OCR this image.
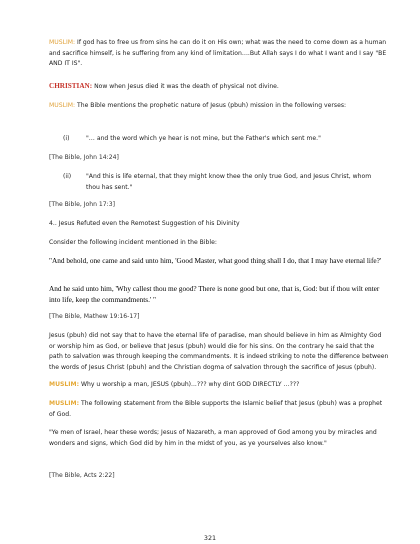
MUSLIM: If god has to free us from sins he can do it on His own; what was the need to come down as a human and sacrifice himself, is he suffering from any kind of limitation….But Allah says I do what I want and I say "BE AND IT IS".

CHRISTIAN: Now when Jesus died it was the death of physical not divine.

MUSLIM: The Bible mentions the prophetic nature of Jesus (pbuh) mission in the following verses:

(i)	"… and the word which ye hear is not mine, but the Father's which sent me."

[The Bible, John 14:24]

(ii) "And this is life eternal, that they might know thee the only true God, and Jesus Christ, whom thou has sent."

[The Bible, John 17:3]

4.. Jesus Refuted even the Remotest Suggestion of his Divinity

Consider the following incident mentioned in the Bible:

"And behold, one came and said unto him, 'Good Master, what good thing shall I do, that I may have eternal life?'

And he said unto him, 'Why callest thou me good? There is none good but one, that is, God: but if thou wilt enter into life, keep the commandments.' "

[The Bible, Mathew 19:16-17]

Jesus (pbuh) did not say that to have the eternal life of paradise, man should believe in him as Almighty God or worship him as God, or believe that Jesus (pbuh) would die for his sins. On the contrary he said that the path to salvation was through keeping the commandments. It is indeed striking to note the difference between the words of Jesus Christ (pbuh) and the Christian dogma of salvation through the sacrifice of Jesus (pbuh).

MUSLIM: Why u worship a man, JESUS (pbuh)...??? why dint GOD DIRECTLY …???

MUSLIM: The following statement from the Bible supports the Islamic belief that Jesus (pbuh) was a prophet of God.

"Ye men of Israel, hear these words; Jesus of Nazareth, a man approved of God among you by miracles and wonders and signs, which God did by him in the midst of you, as ye yourselves also know."

[The Bible, Acts 2:22]

321
